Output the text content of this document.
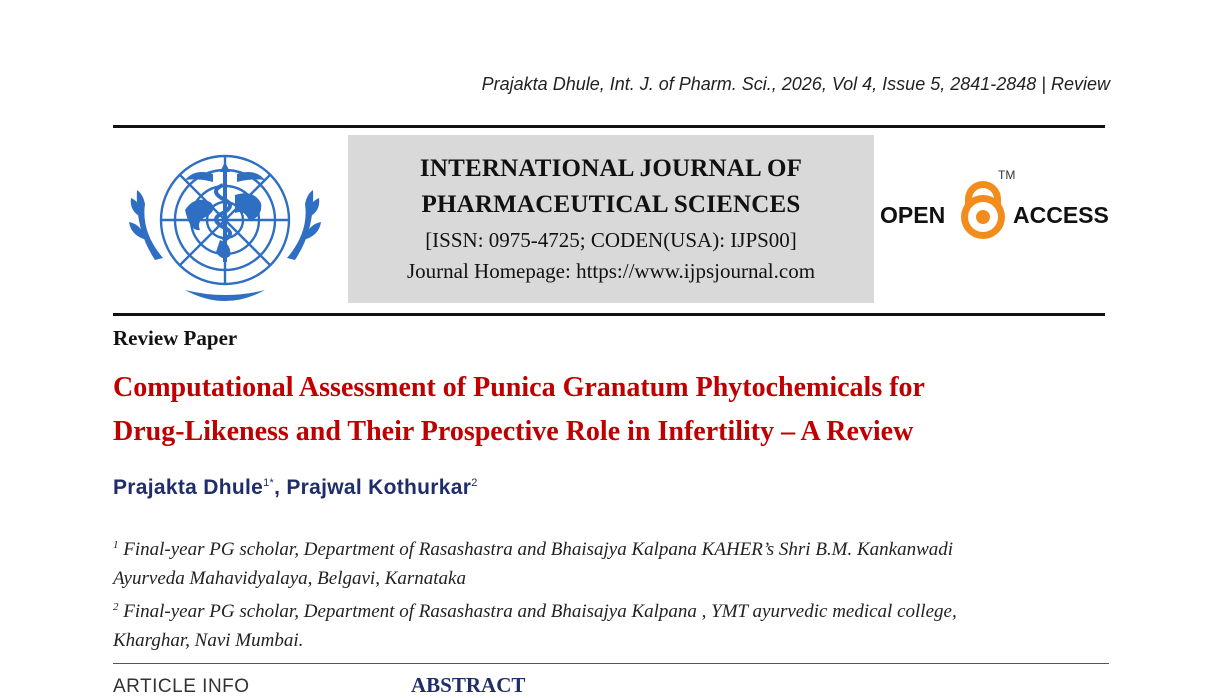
Prajakta Dhule, Int. J. of Pharm. Sci., 2026, Vol 4, Issue 5, 2841-2848 | Review
INTERNATIONAL JOURNAL OF
PHARMACEUTICAL SCIENCES
[ISSN: 0975-4725; CODEN(USA): IJPS00]
Journal Homepage: https://www.ijpsjournal.com
OPEN
TM
ACCESS
Review Paper
Computational Assessment of Punica Granatum Phytochemicals for
Drug-Likeness and Their Prospective Role in Infertility – A Review
Prajakta Dhule$^{1*}$, Prajwal Kothurkar$^2$
$^1$ Final-year PG scholar, Department of Rasashastra and Bhaisajya Kalpana KAHER’s Shri B.M. Kankanwadi
Ayurveda Mahavidyalaya, Belgavi, Karnataka
$^2$ Final-year PG scholar, Department of Rasashastra and Bhaisajya Kalpana , YMT ayurvedic medical college,
Kharghar, Navi Mumbai.
ARTICLE INFO	ABSTRACT
